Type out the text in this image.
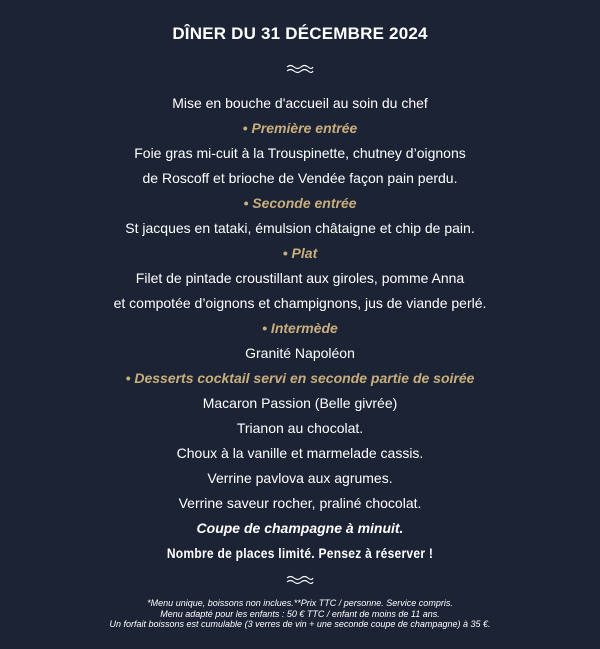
DÎNER DU 31 DÉCEMBRE 2024
Mise en bouche d'accueil au soin du chef
• Première entrée
Foie gras mi-cuit à la Trouspinette, chutney d’oignons
de Roscoff et brioche de Vendée façon pain perdu.
• Seconde entrée
St jacques en tataki, émulsion châtaigne et chip de pain.
• Plat
Filet de pintade croustillant aux giroles, pomme Anna
et compotée d’oignons et champignons, jus de viande perlé.
• Intermède
Granité Napoléon
• Desserts cocktail servi en seconde partie de soirée
Macaron Passion (Belle givrée)
Trianon au chocolat.
Choux à la vanille et marmelade cassis.
Verrine pavlova aux agrumes.
Verrine saveur rocher, praliné chocolat.
Coupe de champagne à minuit.
Nombre de places limité. Pensez à réserver !
*Menu unique, boissons non inclues.**Prix TTC / personne. Service compris.
Menu adapté pour les enfants : 50 € TTC / enfant de moins de 11 ans.
Un forfait boissons est cumulable (3 verres de vin + une seconde coupe de champagne) à 35 €.
